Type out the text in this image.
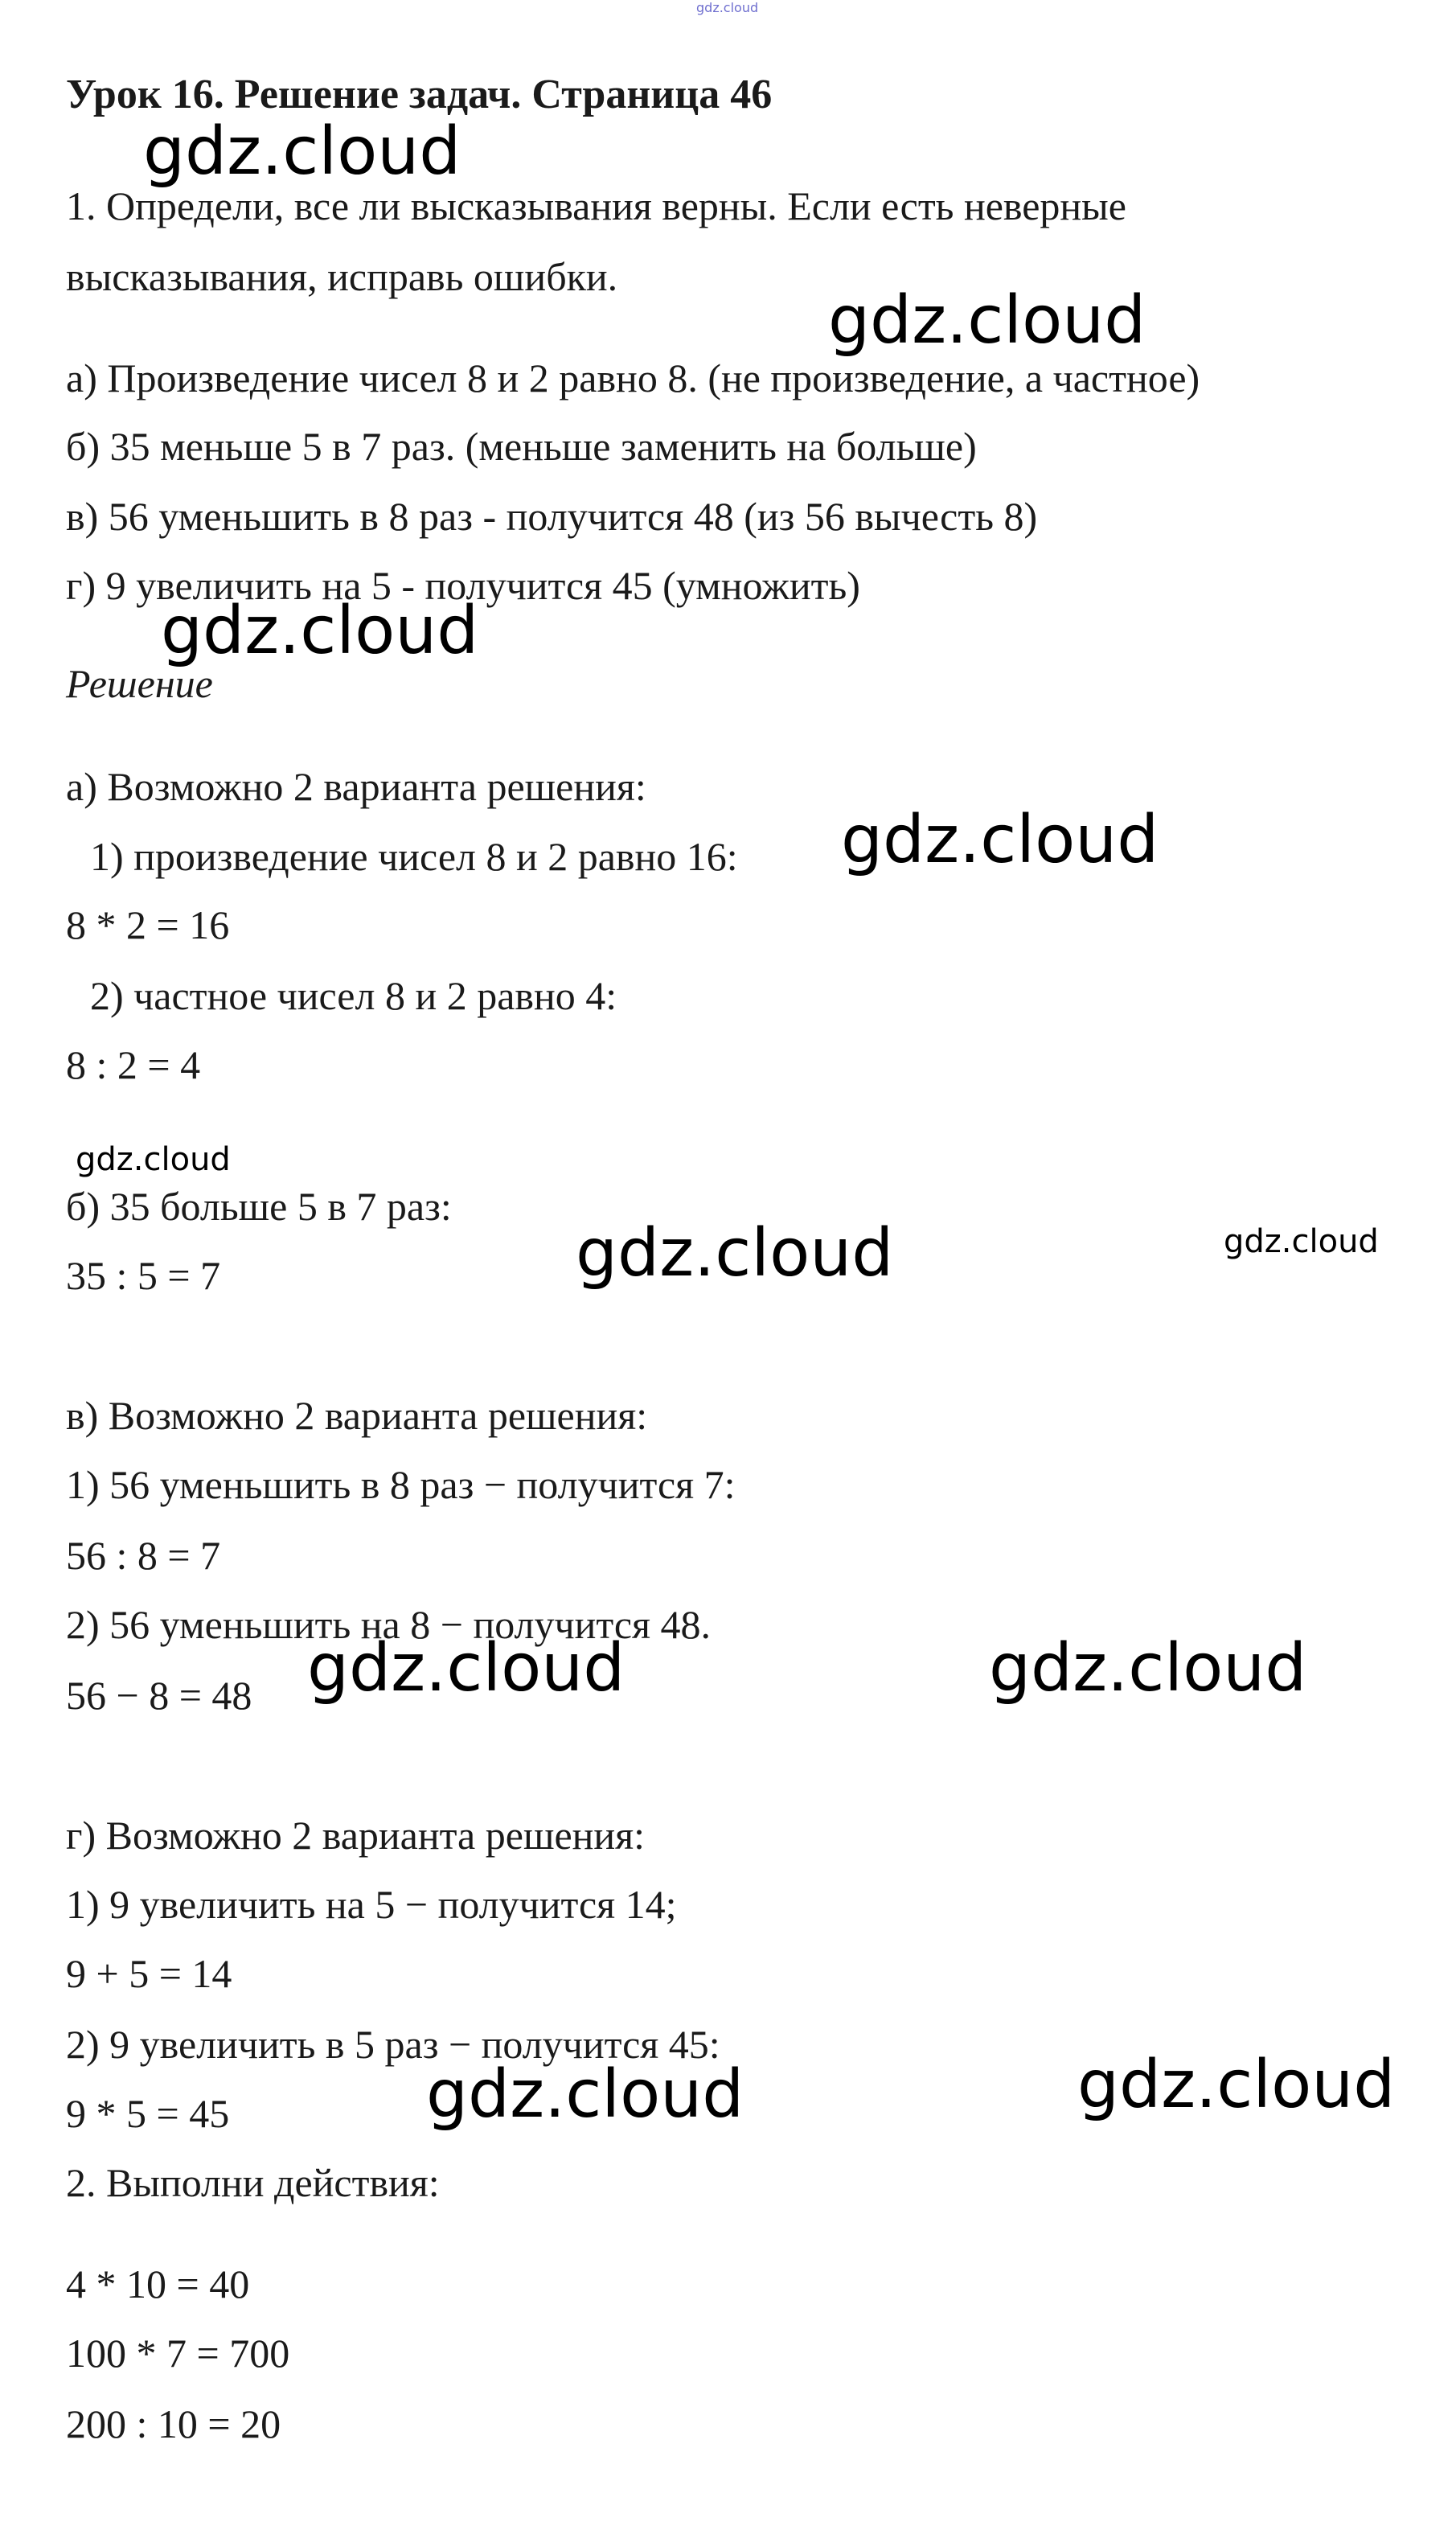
gdz.cloud
Урок 16. Решение задач. Страница 46
1. Определи, все ли высказывания верны. Если есть неверные
высказывания, исправь ошибки.
а) Произведение чисел 8 и 2 равно 8. (не произведение, а частное)
б) 35 меньше 5 в 7 раз. (меньше заменить на больше)
в) 56 уменьшить в 8 раз - получится 48 (из 56 вычесть 8)
г) 9 увеличить на 5 - получится 45 (умножить)
Решение
а) Возможно 2 варианта решения:
1) произведение чисел 8 и 2 равно 16:
8 * 2 = 16
2) частное чисел 8 и 2 равно 4:
8 : 2 = 4
б) 35 больше 5 в 7 раз:
35 : 5 = 7
в) Возможно 2 варианта решения:
1) 56 уменьшить в 8 раз − получится 7:
56 : 8 = 7
2) 56 уменьшить на 8 − получится 48.
56 − 8 = 48
г) Возможно 2 варианта решения:
1) 9 увеличить на 5 − получится 14;
9 + 5 = 14
2) 9 увеличить в 5 раз − получится 45:
9 * 5 = 45
2. Выполни действия:
4 * 10 = 40
100 * 7 = 700
200 : 10 = 20
gdz.cloud
gdz.cloud
gdz.cloud
gdz.cloud
gdz.cloud
gdz.cloud	gdz.cloud
gdz.cloud	gdz.cloud
gdz.cloud	gdz.cloud
